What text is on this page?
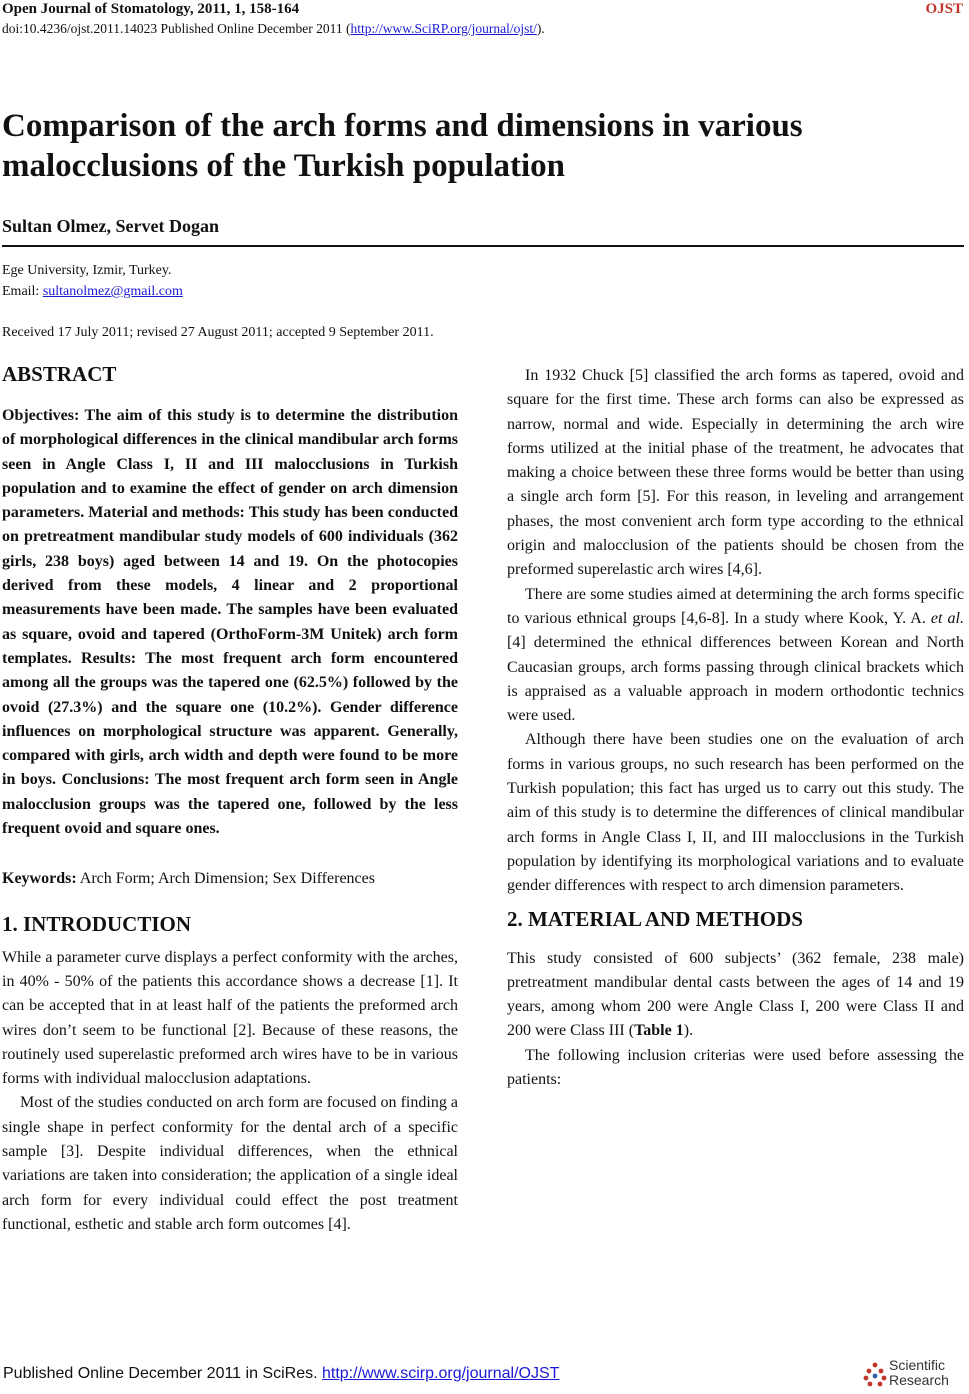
Open Journal of Stomatology, 2011, 1, 158-164	OJST
doi:10.4236/ojst.2011.14023 Published Online December 2011 (http://www.SciRP.org/journal/ojst/).
Comparison of the arch forms and dimensions in various malocclusions of the Turkish population
Sultan Olmez, Servet Dogan
Ege University, Izmir, Turkey.
Email: sultanolmez@gmail.com
Received 17 July 2011; revised 27 August 2011; accepted 9 September 2011.
ABSTRACT

Objectives: The aim of this study is to determine the distribution of morphological differences in the clinical mandibular arch forms seen in Angle Class I, II and III malocclusions in Turkish population and to examine the effect of gender on arch dimension parameters. Material and methods: This study has been conducted on pretreatment mandibular study models of 600 individuals (362 girls, 238 boys) aged between 14 and 19. On the photocopies derived from these models, 4 linear and 2 proportional measurements have been made. The samples have been evaluated as square, ovoid and tapered (OrthoForm-3M Unitek) arch form templates. Results: The most frequent arch form encountered among all the groups was the tapered one (62.5%) followed by the ovoid (27.3%) and the square one (10.2%). Gender difference influences on morphological structure was apparent. Generally, compared with girls, arch width and depth were found to be more in boys. Conclusions: The most frequent arch form seen in Angle malocclusion groups was the tapered one, followed by the less frequent ovoid and square ones.

Keywords: Arch Form; Arch Dimension; Sex Differences

1. INTRODUCTION

While a parameter curve displays a perfect conformity with the arches, in 40% - 50% of the patients this accordance shows a decrease [1]. It can be accepted that in at least half of the patients the preformed arch wires don’t seem to be functional [2]. Because of these reasons, the routinely used superelastic preformed arch wires have to be in various forms with individual malocclusion adaptations.

Most of the studies conducted on arch form are focused on finding a single shape in perfect conformity for the dental arch of a specific sample [3]. Despite individual differences, when the ethnical variations are taken into consideration; the application of a single ideal arch form for every individual could effect the post treatment functional, esthetic and stable arch form outcomes [4].

In 1932 Chuck [5] classified the arch forms as tapered, ovoid and square for the first time. These arch forms can also be expressed as narrow, normal and wide. Especially in determining the arch wire forms utilized at the initial phase of the treatment, he advocates that making a choice between these three forms would be better than using a single arch form [5]. For this reason, in leveling and arrangement phases, the most convenient arch form type according to the ethnical origin and malocclusion of the patients should be chosen from the preformed superelastic arch wires [4,6].

There are some studies aimed at determining the arch forms specific to various ethnical groups [4,6-8]. In a study where Kook, Y. A. et al. [4] determined the ethnical differences between Korean and North Caucasian groups, arch forms passing through clinical brackets which is appraised as a valuable approach in modern orthodontic technics were used.

Although there have been studies one on the evaluation of arch forms in various groups, no such research has been performed on the Turkish population; this fact has urged us to carry out this study. The aim of this study is to determine the differences of clinical mandibular arch forms in Angle Class I, II, and III malocclusions in the Turkish population by identifying its morphological variations and to evaluate gender differences with respect to arch dimension parameters.

2. MATERIAL AND METHODS

This study consisted of 600 subjects’ (362 female, 238 male) pretreatment mandibular dental casts between the ages of 14 and 19 years, among whom 200 were Angle Class I, 200 were Class II and 200 were Class III (Table 1).

The following inclusion criterias were used before assessing the patients:

Published Online December 2011 in SciRes. http://www.scirp.org/journal/OJST	Scientific
Research
